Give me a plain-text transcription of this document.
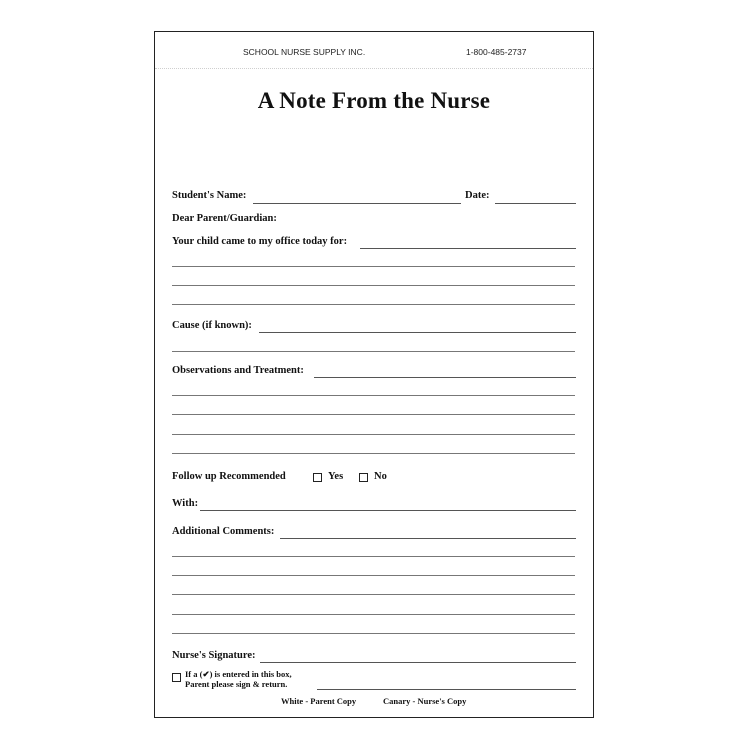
SCHOOL NURSE SUPPLY INC.	1-800-485-2737
A Note From the Nurse
Student's Name:	Date:
Dear Parent/Guardian:
Your child came to my office today for:
Cause (if known):
Observations and Treatment:
Follow up Recommended	Yes	No
With:
Additional Comments:
Nurse's Signature:
If a (✔) is entered in this box,
Parent please sign & return.
White - Parent Copy	Canary - Nurse's Copy
